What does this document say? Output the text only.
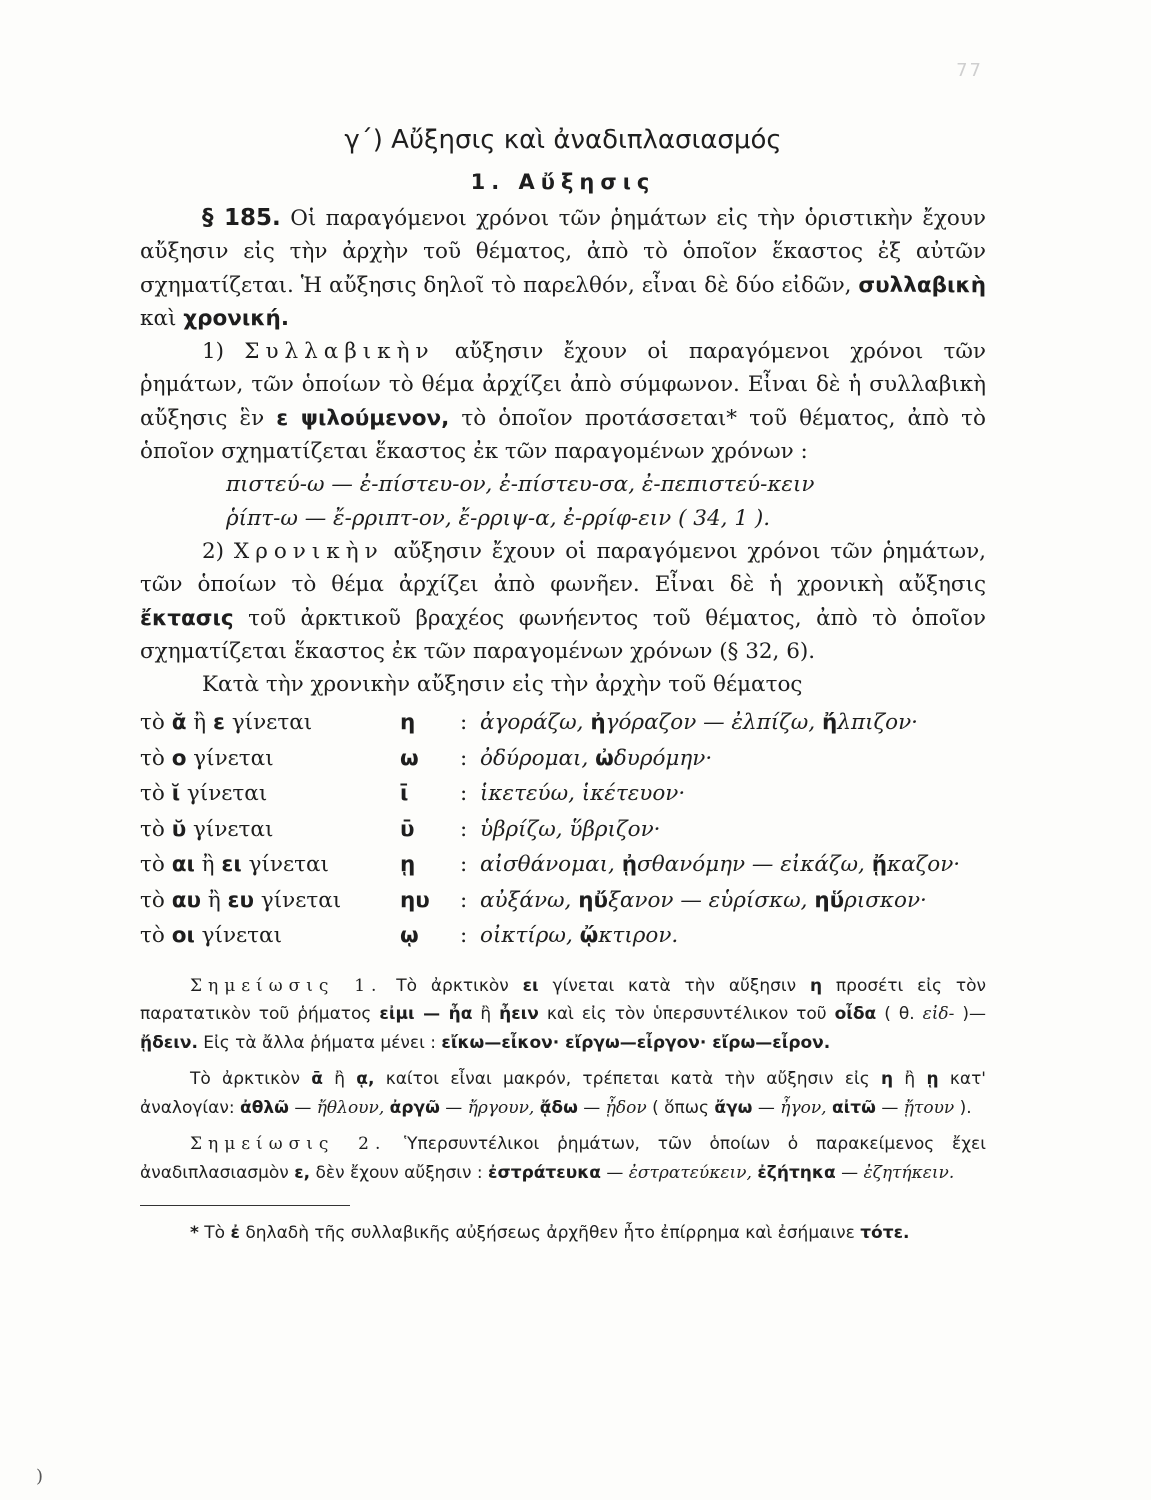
77
γ΄) Αὔξησις καὶ ἀναδιπλασιασμός
1. Αὔξησις

§ 185. Οἱ παραγόμενοι χρόνοι τῶν ῥημάτων εἰς τὴν ὁριστικὴν ἔχουν αὔξησιν εἰς τὴν ἀρχὴν τοῦ θέματος, ἀπὸ τὸ ὁποῖον ἕκαστος ἐξ αὐτῶν σχηματίζεται. Ἡ αὔξησις δηλοῖ τὸ παρελθόν, εἶναι δὲ δύο εἰδῶν, συλλαβικὴ καὶ χρονική.

1) Συλλαβικὴν αὔξησιν ἔχουν οἱ παραγόμενοι χρόνοι τῶν ῥημάτων, τῶν ὁποίων τὸ θέμα ἀρχίζει ἀπὸ σύμφωνον. Εἶναι δὲ ἡ συλλαβικὴ αὔξησις ἓν ε ψιλούμενον, τὸ ὁποῖον προτάσσεται* τοῦ θέματος, ἀπὸ τὸ ὁποῖον σχηματίζεται ἕκαστος ἐκ τῶν παραγομένων χρόνων :

πιστεύ-ω — ἐ-πίστευ-ον, ἐ-πίστευ-σα, ἐ-πεπιστεύ-κειν

ῥίπτ-ω — ἔ-ρριπτ-ον, ἔ-ρριψ-α, ἐ-ρρίφ-ειν ( 34, 1 ).

2) Χρονικὴν αὔξησιν ἔχουν οἱ παραγόμενοι χρόνοι τῶν ῥημάτων, τῶν ὁποίων τὸ θέμα ἀρχίζει ἀπὸ φωνῆεν. Εἶναι δὲ ἡ χρονικὴ αὔξησις ἔκτασις τοῦ ἀρκτικοῦ βραχέος φωνήεντος τοῦ θέματος, ἀπὸ τὸ ὁποῖον σχηματίζεται ἕκαστος ἐκ τῶν παραγομένων χρόνων (§ 32, 6).

Κατὰ τὴν χρονικὴν αὔξησιν εἰς τὴν ἀρχὴν τοῦ θέματος

τὸ ᾰ ἢ ε γίνεται	η	: ἀγοράζω, ἠγόραζον — ἐλπίζω, ἤλπιζον·
τὸ ο γίνεται	ω	: ὀδύρομαι, ὠδυρόμην·
τὸ ῐ γίνεται	ῑ	: ἱκετεύω, ἱκέτευον·
τὸ ῠ γίνεται	ῡ	: ὑβρίζω, ὕβριζον·
τὸ αι ἢ ει γίνεται	ῃ	: αἰσθάνομαι, ᾐσθανόμην — εἰκάζω, ᾔκαζον·
τὸ αυ ἢ ευ γίνεται	ηυ	: αὐξάνω, ηὔξανον — εὑρίσκω, ηὕρισκον·
τὸ οι γίνεται	ῳ	: οἰκτίρω, ᾤκτιρον.

Σημείωσις 1. Τὸ ἀρκτικὸν ει γίνεται κατὰ τὴν αὔξησιν η προσέτι εἰς τὸν παρατατικὸν τοῦ ῥήματος εἰμι — ἦα ἢ ἦειν καὶ εἰς τὸν ὑπερσυντέλικον τοῦ οἶδα ( θ. εἰδ- )—ᾔδειν. Εἰς τὰ ἄλλα ῥήματα μένει : εἴκω—εἶκον· εἴργω—εἶργον· εἴρω—εἶρον.

Τὸ ἀρκτικὸν ᾱ ἢ ᾳ, καίτοι εἶναι μακρόν, τρέπεται κατὰ τὴν αὔξησιν εἰς η ἢ ῃ κατ' ἀναλογίαν: ἀθλῶ — ἤθλουν, ἀργῶ — ἤργουν, ᾄδω — ᾖδον ( ὅπως ἄγω — ἦγον, αἰτῶ — ᾔτουν ).

Σημείωσις 2. Ὑπερσυντέλικοι ῥημάτων, τῶν ὁποίων ὁ παρακείμενος ἔχει ἀναδιπλασιασμὸν ε, δὲν ἔχουν αὔξησιν : ἐστράτευκα — ἐστρατεύκειν, ἐζήτηκα — ἐζητήκειν.

* Τὸ ἐ δηλαδὴ τῆς συλλαβικῆς αὐξήσεως ἀρχῆθεν ἦτο ἐπίρρημα καὶ ἐσήμαινε τότε.

)
